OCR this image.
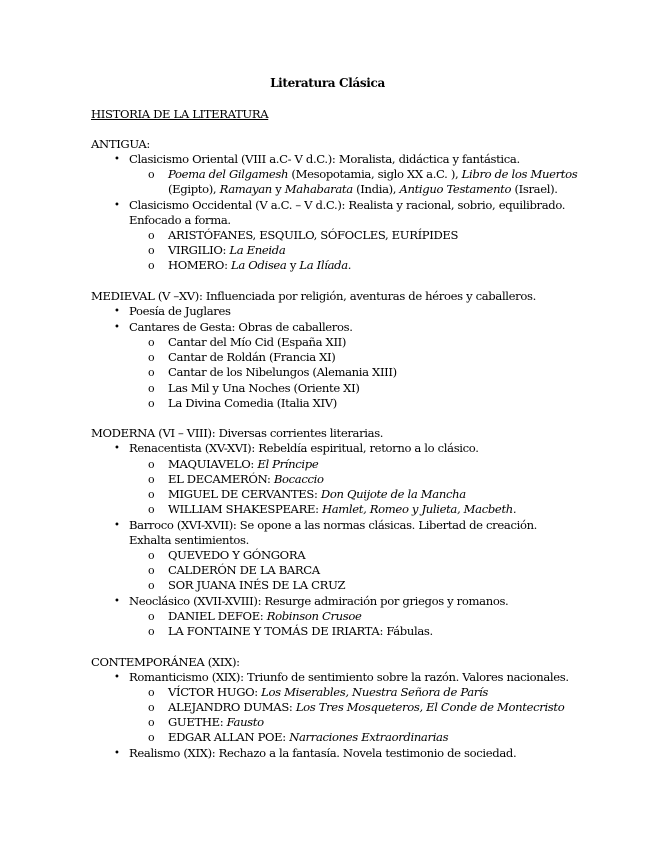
Literatura Clásica
HISTORIA DE LA LITERATURA
ANTIGUA:
• Clasicismo Oriental (VIII a.C- V d.C.): Moralista, didáctica y fantástica.
o Poema del Gilgamesh (Mesopotamia, siglo XX a.C. ), Libro de los Muertos
(Egipto), Ramayan y Mahabarata (India), Antiguo Testamento (Israel).
• Clasicismo Occidental (V a.C. – V d.C.): Realista y racional, sobrio, equilibrado.
Enfocado a forma.
o ARISTÓFANES, ESQUILO, SÓFOCLES, EURÍPIDES
o VIRGILIO: La Eneida
o HOMERO: La Odisea y La Ilíada.
MEDIEVAL (V –XV): Influenciada por religión, aventuras de héroes y caballeros.
• Poesía de Juglares
• Cantares de Gesta: Obras de caballeros.
o Cantar del Mío Cid (España XII)
o Cantar de Roldán (Francia XI)
o Cantar de los Nibelungos (Alemania XIII)
o Las Mil y Una Noches (Oriente XI)
o La Divina Comedia (Italia XIV)
MODERNA (VI – VIII): Diversas corrientes literarias.
• Renacentista (XV-XVI): Rebeldía espiritual, retorno a lo clásico.
o MAQUIAVELO: El Príncipe
o EL DECAMERÓN: Bocaccio
o MIGUEL DE CERVANTES: Don Quijote de la Mancha
o WILLIAM SHAKESPEARE: Hamlet, Romeo y Julieta, Macbeth.
• Barroco (XVI-XVII): Se opone a las normas clásicas. Libertad de creación.
Exhalta sentimientos.
o QUEVEDO Y GÓNGORA
o CALDERÓN DE LA BARCA
o SOR JUANA INÉS DE LA CRUZ
• Neoclásico (XVII-XVIII): Resurge admiración por griegos y romanos.
o DANIEL DEFOE: Robinson Crusoe
o LA FONTAINE Y TOMÁS DE IRIARTA: Fábulas.
CONTEMPORÁNEA (XIX):
• Romanticismo (XIX): Triunfo de sentimiento sobre la razón. Valores nacionales.
o VÍCTOR HUGO: Los Miserables, Nuestra Señora de París
o ALEJANDRO DUMAS: Los Tres Mosqueteros, El Conde de Montecristo
o GUETHE: Fausto
o EDGAR ALLAN POE: Narraciones Extraordinarias
• Realismo (XIX): Rechazo a la fantasía. Novela testimonio de sociedad.
